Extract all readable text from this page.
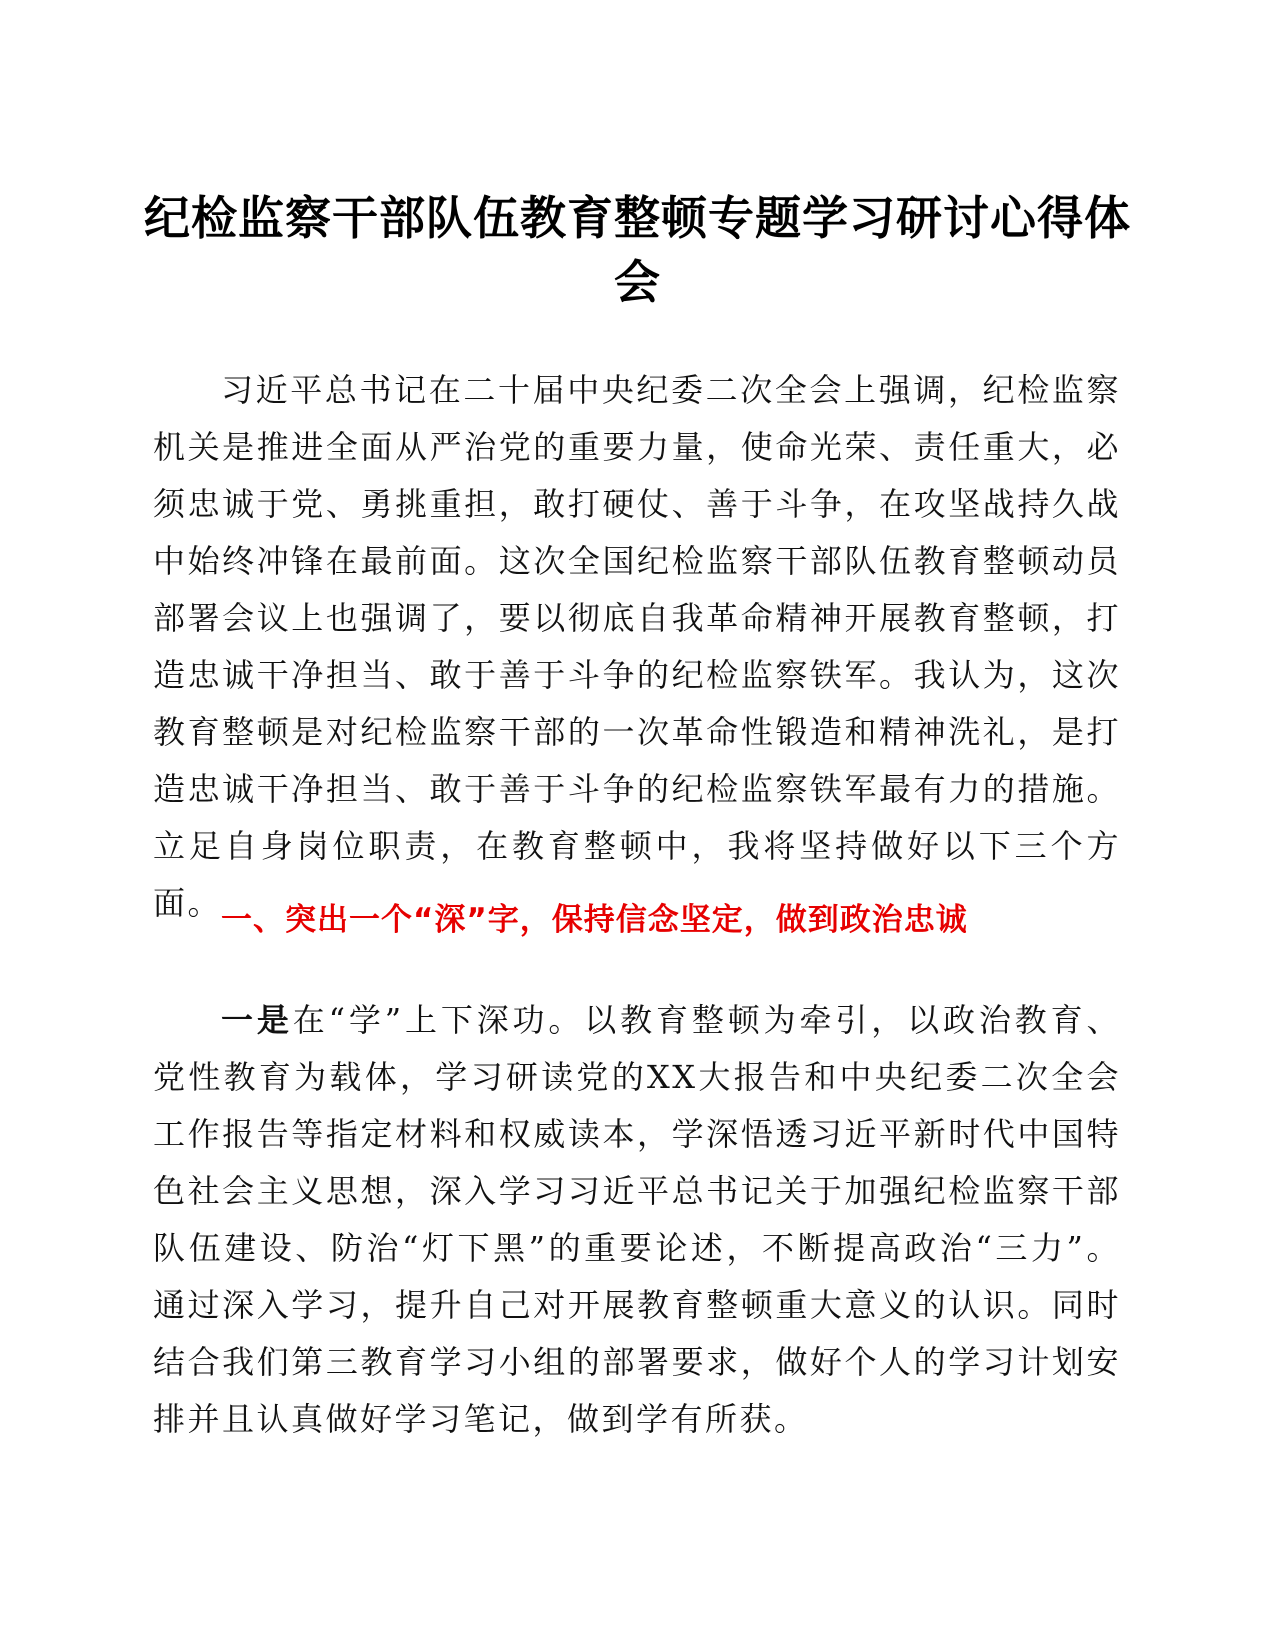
纪检监察干部队伍教育整顿专题学习研讨心得体会

习近平总书记在二十届中央纪委二次全会上强调，纪检监察机关是推进全面从严治党的重要力量，使命光荣、责任重大，必须忠诚于党、勇挑重担，敢打硬仗、善于斗争，在攻坚战持久战中始终冲锋在最前面。这次全国纪检监察干部队伍教育整顿动员部署会议上也强调了，要以彻底自我革命精神开展教育整顿，打造忠诚干净担当、敢于善于斗争的纪检监察铁军。我认为，这次教育整顿是对纪检监察干部的一次革命性锻造和精神洗礼，是打造忠诚干净担当、敢于善于斗争的纪检监察铁军最有力的措施。立足自身岗位职责，在教育整顿中，我将坚持做好以下三个方面。

一、突出一个“深”字，保持信念坚定，做到政治忠诚

一是在“学”上下深功。以教育整顿为牵引，以政治教育、党性教育为载体，学习研读党的XX大报告和中央纪委二次全会工作报告等指定材料和权威读本，学深悟透习近平新时代中国特色社会主义思想，深入学习习近平总书记关于加强纪检监察干部队伍建设、防治“灯下黑”的重要论述，不断提高政治“三力”。通过深入学习，提升自己对开展教育整顿重大意义的认识。同时结合我们第三教育学习小组的部署要求，做好个人的学习计划安排并且认真做好学习笔记，做到学有所获。
